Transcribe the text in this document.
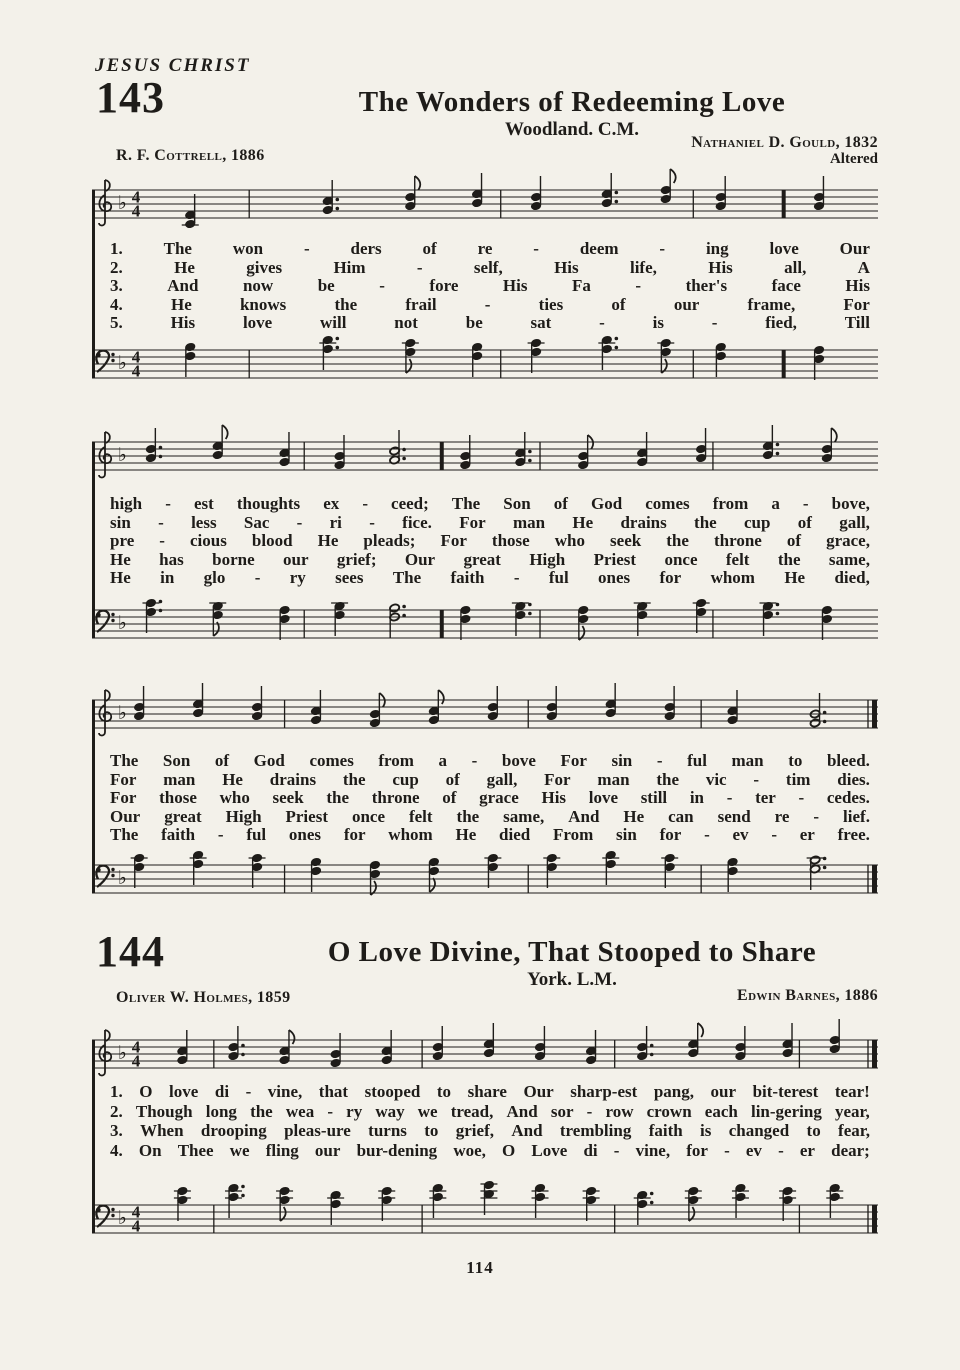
JESUS CHRIST
143	The Wonders of Redeeming Love
Woodland. C.M.
Nathaniel D. Gould, 1832
Altered
R. F. Cottrell, 1886
♭ 4
4
1. The won - ders of re - deem - ing love Our
2.	He	gives	Him	-	self,	His	life,	His	all,	A
3.	And	now	be	-	fore	His	Fa	-	ther's	face	His
4.	He	knows	the	frail	-	ties	of	our	frame,	For
5.	His	love	will	not	be	sat	-	is	-	fied,	Till
♭ 4
4
♭
high - est thoughts ex - ceed; The Son of God comes from a - bove,
sin - less Sac - ri - fice. For man He drains the cup of gall,
pre - cious blood He pleads; For those who seek the throne of grace,
He has borne our grief; Our great High Priest once felt the same,
He in glo - ry sees The faith - ful ones for whom He died,
♭
♭
The Son of God comes from a - bove For sin - ful man to bleed.
For man He drains the cup of gall, For man the vic - tim dies.
For those who seek the throne of grace His love still in - ter - cedes.
Our great High Priest once felt the same, And He can send re - lief.
The faith - ful ones for whom He died From sin for - ev - er free.
♭
144	O Love Divine, That Stooped to Share
York. L.M.
Oliver W. Holmes, 1859	Edwin Barnes, 1886
♭ 4
4
1. O love di - vine, that stooped to share Our sharp-est pang, our bit-terest tear!
2. Though long the wea - ry way we tread, And sor - row crown each lin-gering year,
3. When drooping pleas-ure turns to grief, And trembling faith is changed to fear,
4. On Thee we fling our bur-dening woe, O Love di - vine, for - ev - er dear;
♭ 4
4
114
